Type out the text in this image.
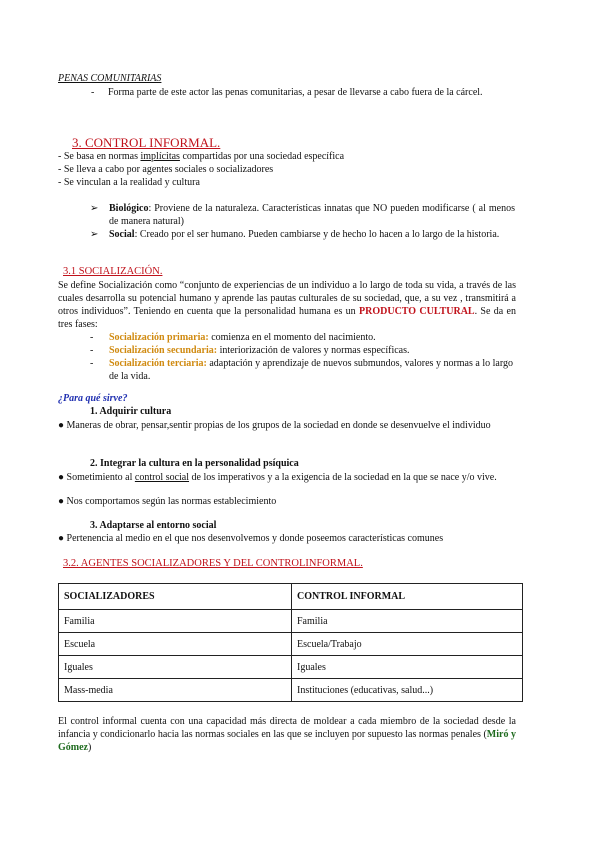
PENAS COMUNITARIAS
-	Forma parte de este actor las penas comunitarias, a pesar de llevarse a cabo fuera de la cárcel.
3. CONTROL INFORMAL.
- Se basa en normas implícitas compartidas por una sociedad específica
- Se lleva a cabo por agentes sociales o socializadores
- Se vinculan a la realidad y cultura
➢	Biológico: Proviene de la naturaleza. Características innatas que NO pueden modificarse ( al menos de manera natural)
➢	Social: Creado por el ser humano. Pueden cambiarse y de hecho lo hacen a lo largo de la historia.
3.1 SOCIALIZACIÓN.
Se define Socialización como “conjunto de experiencias de un individuo a lo largo de toda su vida, a través de las cuales desarrolla su potencial humano y aprende las pautas culturales de su sociedad, que, a su vez , transmitirá a otros individuos”. Teniendo en cuenta que la personalidad humana es un PRODUCTO CULTURAL. Se da en tres fases:
- Socialización primaria: comienza en el momento del nacimiento.
- Socialización secundaria: interiorización de valores y normas específicas.
- Socialización terciaria: adaptación y aprendizaje de nuevos submundos, valores y normas a lo largo de la vida.
¿Para qué sirve?
1. Adquirir cultura
● Maneras de obrar, pensar,sentir propias de los grupos de la sociedad en donde se desenvuelve el individuo
2. Integrar la cultura en la personalidad psíquica
● Sometimiento al control social de los imperativos y a la exigencia de la sociedad en la que se nace y/o vive.
● Nos comportamos según las normas establecimiento
3. Adaptarse al entorno social
● Pertenencia al medio en el que nos desenvolvemos y donde poseemos características comunes
3.2. AGENTES SOCIALIZADORES Y DEL CONTROLINFORMAL.
SOCIALIZADORES	CONTROL INFORMAL
Familia	Familia
Escuela	Escuela/Trabajo
Iguales	Iguales
Mass-media	Instituciones (educativas, salud...)
El control informal cuenta con una capacidad más directa de moldear a cada miembro de la sociedad desde la infancia y condicionarlo hacia las normas sociales en las que se incluyen por supuesto las normas penales (Miró y Gómez)
